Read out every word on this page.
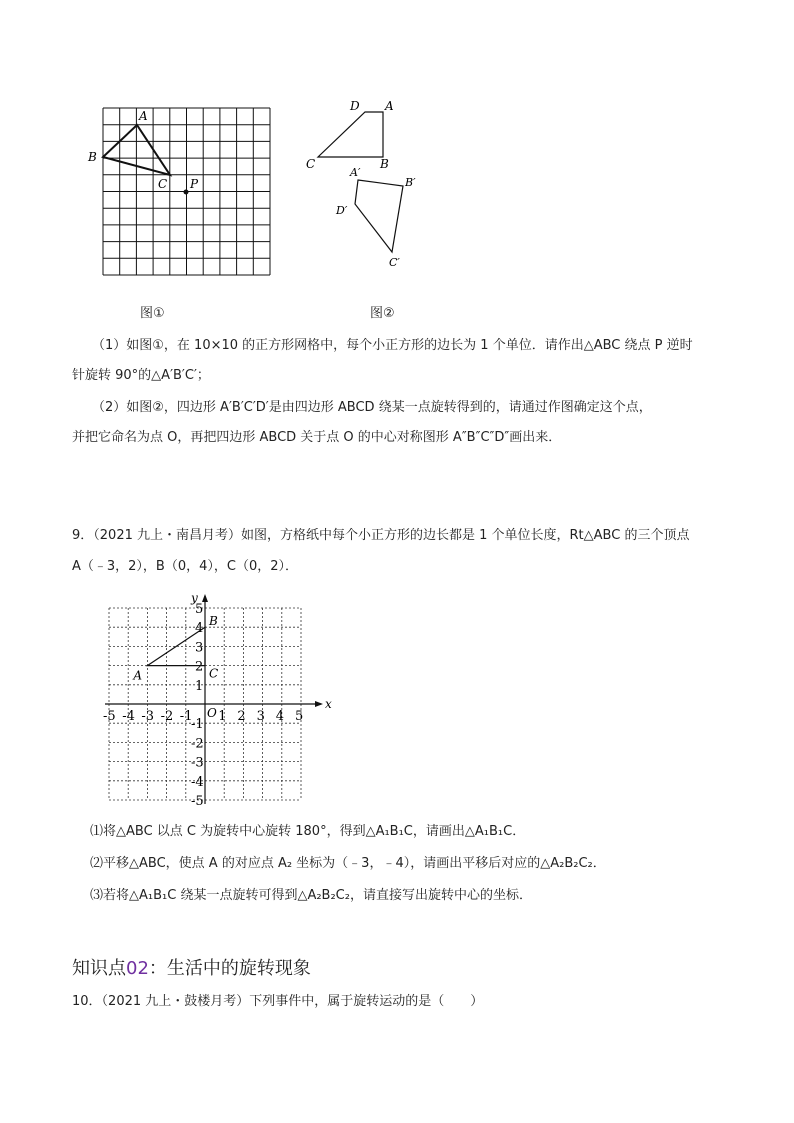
A
B
C P
图①
D A
C	B
A′
B′
D′
C′
图②
（1）如图①，在 10×10 的正方形网格中，每个小正方形的边长为 1 个单位．请作出△ABC 绕点 P 逆时
针旋转 90°的△A′B′C′；
（2）如图②，四边形 A′B′C′D′是由四边形 ABCD 绕某一点旋转得到的，请通过作图确定这个点，
并把它命名为点 O，再把四边形 ABCD 关于点 O 的中心对称图形 A″B″C″D″画出来．
9．（2021 九上・南昌月考）如图，方格纸中每个小正方形的边长都是 1 个单位长度，Rt△ABC 的三个顶点
A（﹣3，2），B（0，4），C（0，2）．
x
y
-5 -4 -3 -2 -1 1 2 3 4 5
5
4
3
2
1
-1
-2
-3
-4
-5
O
A
B
C
⑴将△ABC 以点 C 为旋转中心旋转 180°，得到△A₁B₁C，请画出△A₁B₁C．
⑵平移△ABC，使点 A 的对应点 A₂ 坐标为（﹣3，﹣4），请画出平移后对应的△A₂B₂C₂．
⑶若将△A₁B₁C 绕某一点旋转可得到△A₂B₂C₂，请直接写出旋转中心的坐标．
知识点02：生活中的旋转现象
10．（2021 九上・鼓楼月考）下列事件中，属于旋转运动的是（　　）
